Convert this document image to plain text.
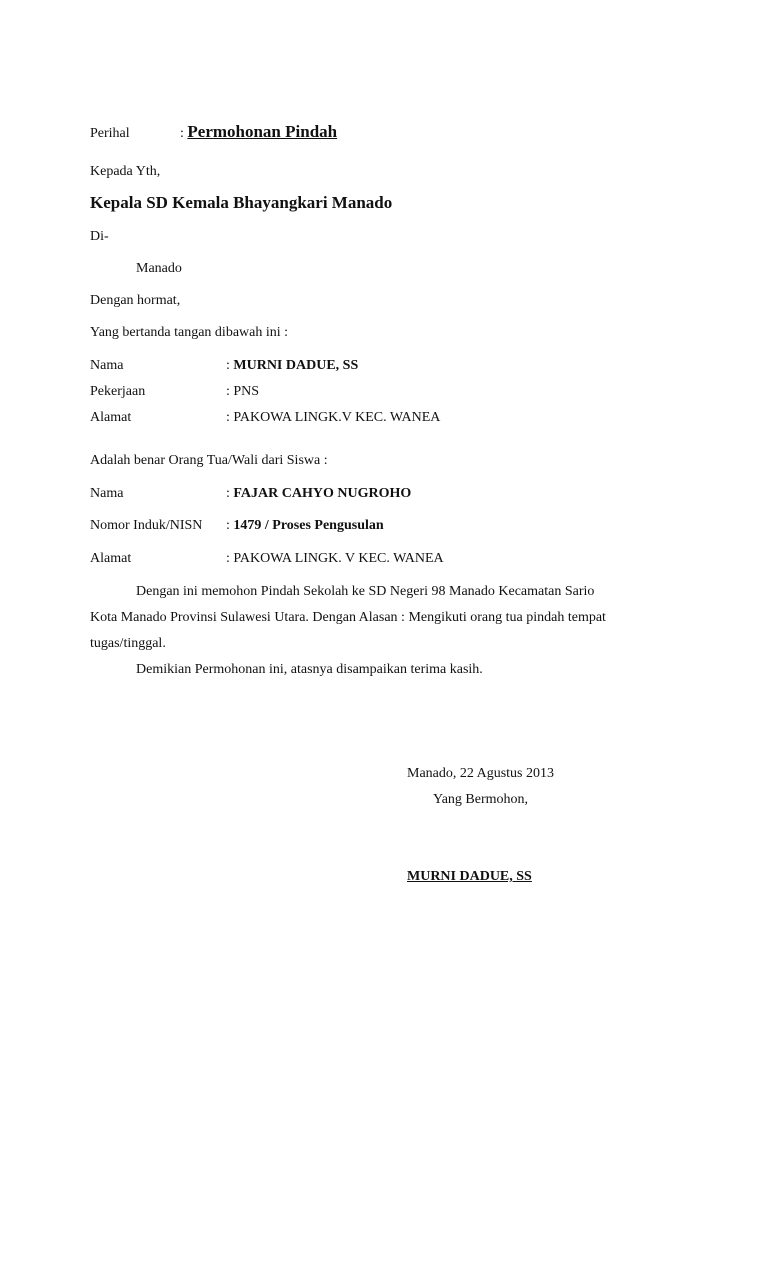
Perihal	: Permohonan Pindah
Kepada Yth,
Kepala SD Kemala Bhayangkari Manado
Di-
Manado
Dengan hormat,
Yang bertanda tangan dibawah ini :
Nama	: MURNI DADUE, SS
Pekerjaan	: PNS
Alamat	: PAKOWA LINGK.V KEC. WANEA
Adalah benar Orang Tua/Wali dari Siswa :
Nama	: FAJAR CAHYO NUGROHO
Nomor Induk/NISN : 1479 / Proses Pengusulan
Alamat	: PAKOWA LINGK. V KEC. WANEA
Dengan ini memohon Pindah Sekolah ke SD Negeri 98 Manado Kecamatan Sario
Kota Manado Provinsi Sulawesi Utara. Dengan Alasan : Mengikuti orang tua pindah tempat
tugas/tinggal.
Demikian Permohonan ini, atasnya disampaikan terima kasih.
Manado, 22 Agustus 2013
Yang Bermohon,
MURNI DADUE, SS
